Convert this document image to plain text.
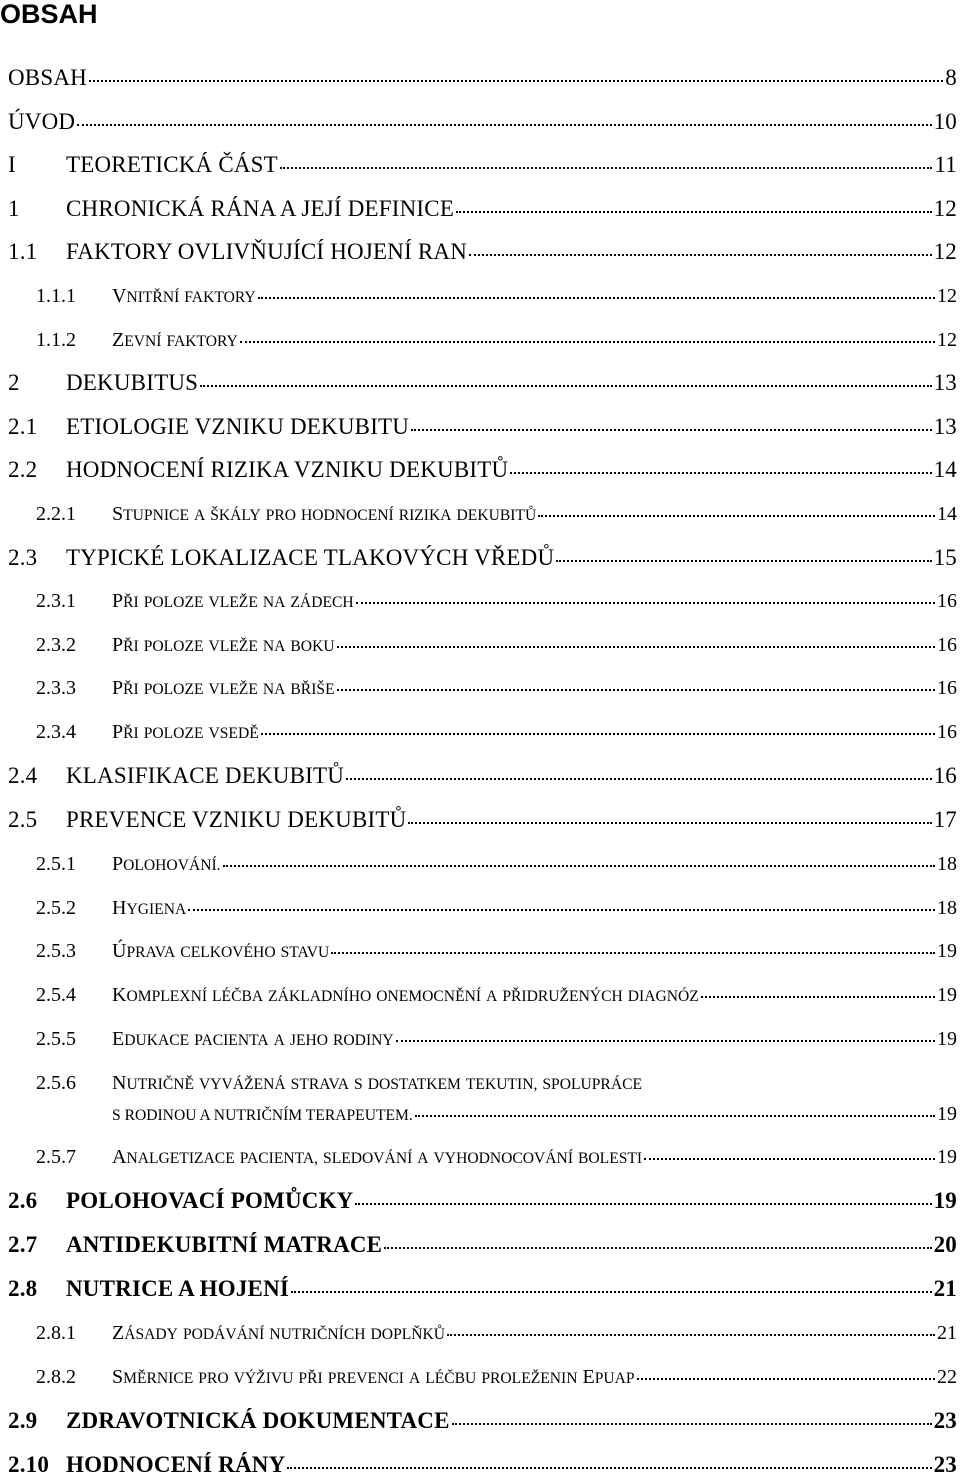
OBSAH
OBSAH	8
ÚVOD	10
I TEORETICKÁ ČÁST	11
1 CHRONICKÁ RÁNA A JEJÍ DEFINICE	12
1.1 FAKTORY OVLIVŇUJÍCÍ HOJENÍ RAN	12
1.1.1 VNITŘNÍ FAKTORY	12
1.1.2 ZEVNÍ FAKTORY	12
2 DEKUBITUS	13
2.1 ETIOLOGIE VZNIKU DEKUBITU	13
2.2 HODNOCENÍ RIZIKA VZNIKU DEKUBITŮ	14
2.2.1 STUPNICE A ŠKÁLY PRO HODNOCENÍ RIZIKA DEKUBITŮ	14
2.3 TYPICKÉ LOKALIZACE TLAKOVÝCH VŘEDŮ	15
2.3.1 PŘI POLOZE VLEŽE NA ZÁDECH	16
2.3.2 PŘI POLOZE VLEŽE NA BOKU	16
2.3.3 PŘI POLOZE VLEŽE NA BŘIŠE	16
2.3.4 PŘI POLOZE VSEDĚ	16
2.4 KLASIFIKACE DEKUBITŮ	16
2.5 PREVENCE VZNIKU DEKUBITŮ	17
2.5.1 POLOHOVÁNÍ.	18
2.5.2 HYGIENA	18
2.5.3 ÚPRAVA CELKOVÉHO STAVU	19
2.5.4 KOMPLEXNÍ LÉČBA ZÁKLADNÍHO ONEMOCNĚNÍ A PŘIDRUŽENÝCH DIAGNÓZ	19
2.5.5 EDUKACE PACIENTA A JEHO RODINY	19
2.5.6 NUTRIČNĚ VYVÁŽENÁ STRAVA S DOSTATKEM TEKUTIN, SPOLUPRÁCE
S RODINOU A NUTRIČNÍM TERAPEUTEM.	19
2.5.7 ANALGETIZACE PACIENTA, SLEDOVÁNÍ A VYHODNOCOVÁNÍ BOLESTI	19
2.6 POLOHOVACÍ POMŮCKY	19
2.7 ANTIDEKUBITNÍ MATRACE	20
2.8 NUTRICE A HOJENÍ	21
2.8.1 ZÁSADY PODÁVÁNÍ NUTRIČNÍCH DOPLŇKŮ	21
2.8.2 SMĚRNICE PRO VÝŽIVU PŘI PREVENCI A LÉČBU PROLEŽENIN EPUAP	22
2.9 ZDRAVOTNICKÁ DOKUMENTACE	23
2.10 HODNOCENÍ RÁNY	23
